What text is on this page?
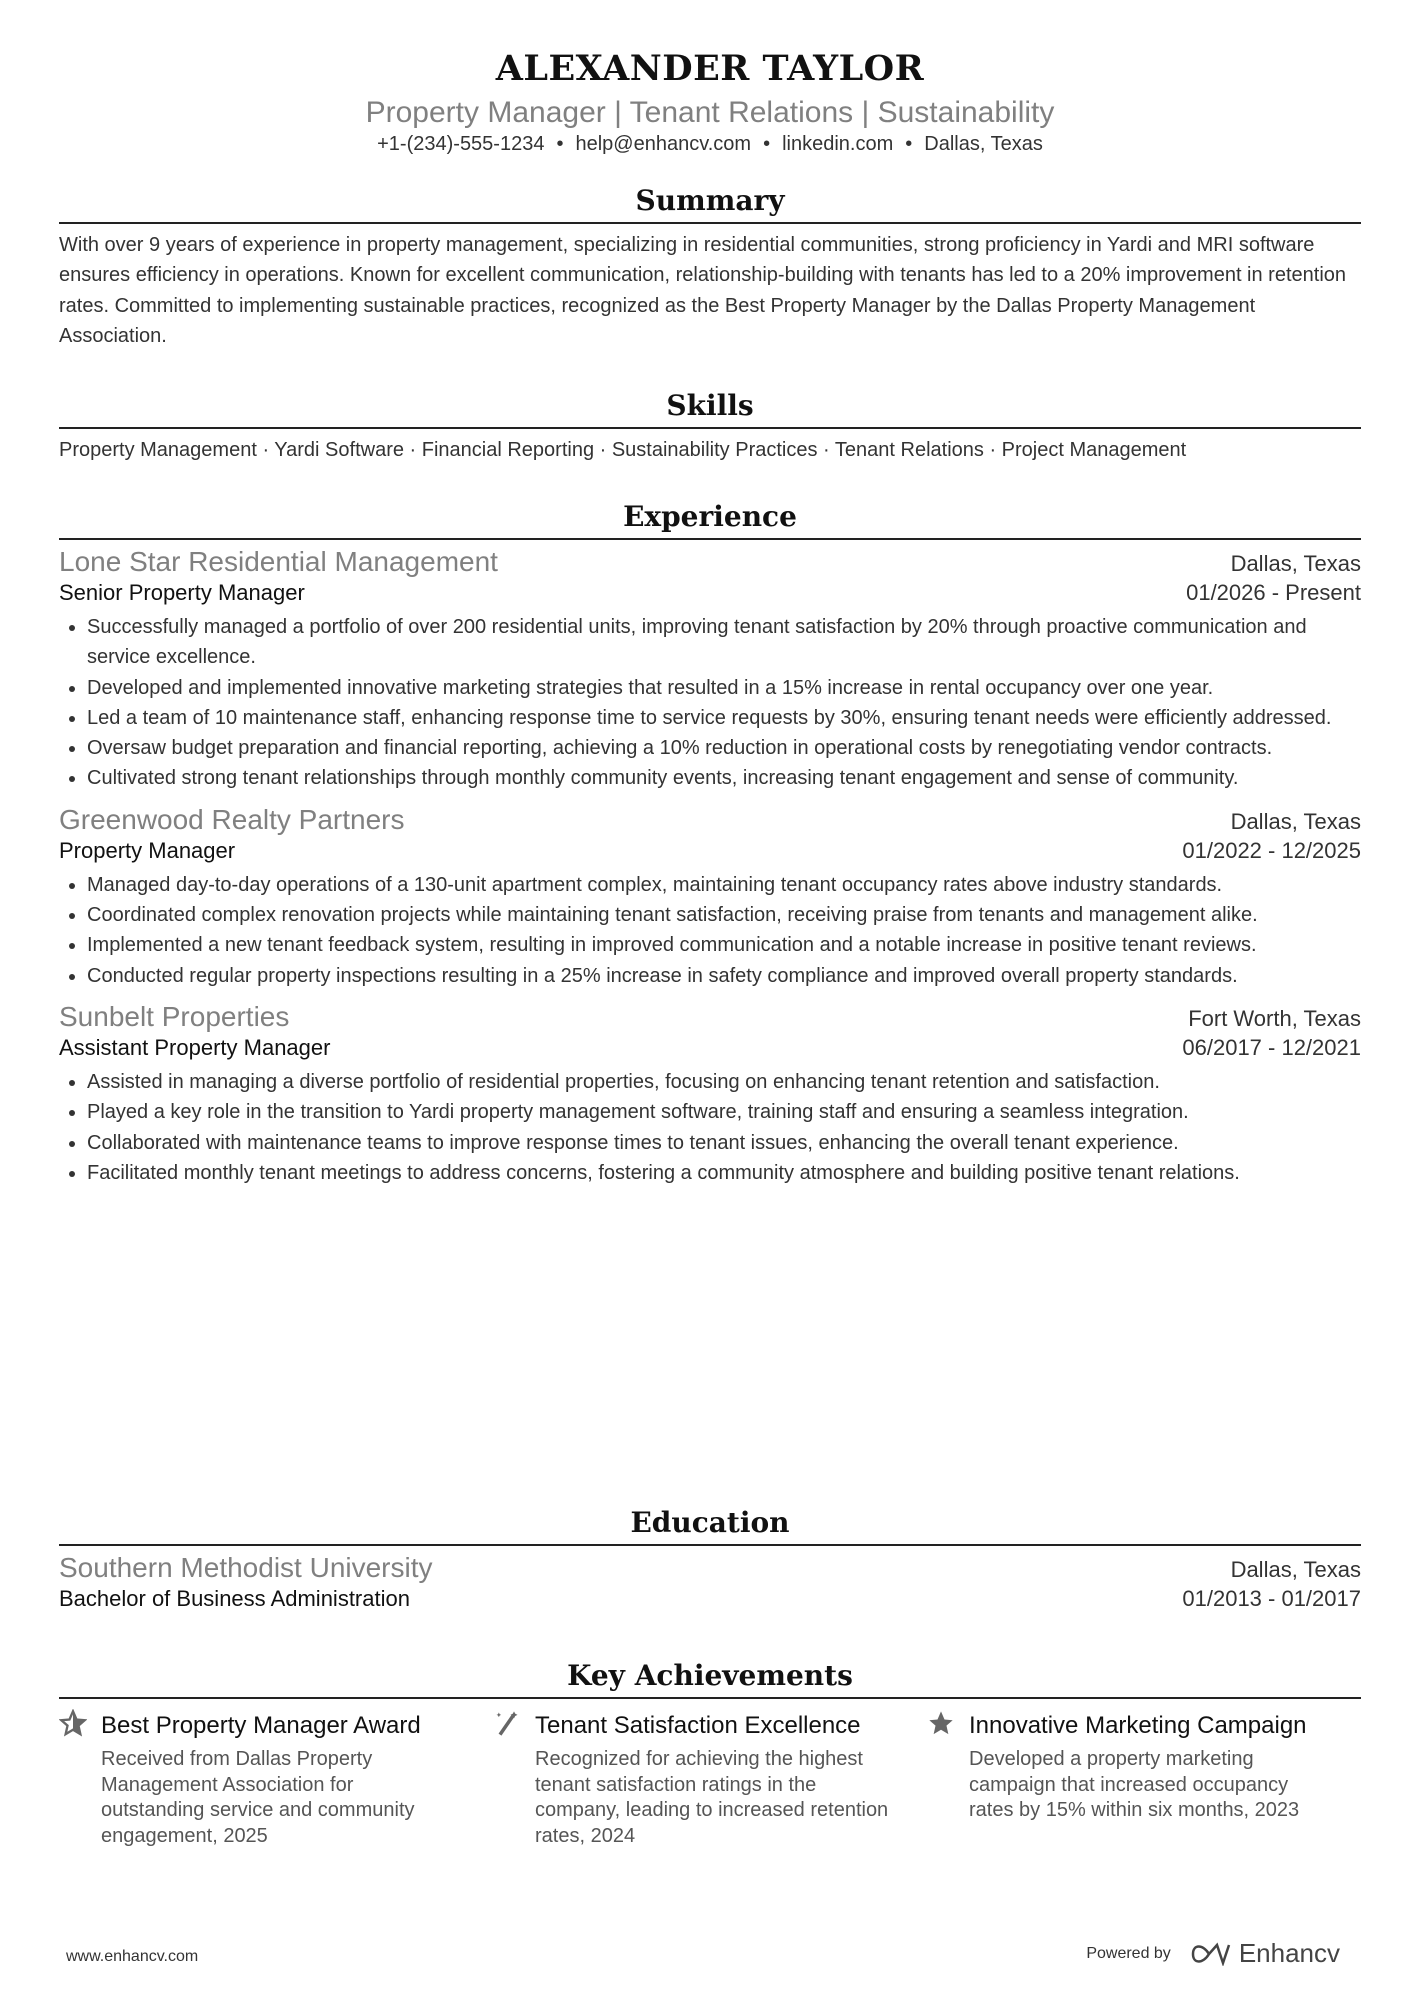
ALEXANDER TAYLOR
Property Manager | Tenant Relations | Sustainability
+1-(234)-555-1234 • help@enhancv.com • linkedin.com • Dallas, Texas
Summary
With over 9 years of experience in property management, specializing in residential communities, strong proficiency in Yardi and MRI software ensures efficiency in operations. Known for excellent communication, relationship-building with tenants has led to a 20% improvement in retention rates. Committed to implementing sustainable practices, recognized as the Best Property Manager by the Dallas Property Management Association.
Skills
Property Management · Yardi Software · Financial Reporting · Sustainability Practices · Tenant Relations · Project Management
Experience
Lone Star Residential Management	Dallas, Texas
Senior Property Manager	01/2026 - Present
• Successfully managed a portfolio of over 200 residential units, improving tenant satisfaction by 20% through proactive communication and service excellence.
• Developed and implemented innovative marketing strategies that resulted in a 15% increase in rental occupancy over one year.
• Led a team of 10 maintenance staff, enhancing response time to service requests by 30%, ensuring tenant needs were efficiently addressed.
• Oversaw budget preparation and financial reporting, achieving a 10% reduction in operational costs by renegotiating vendor contracts.
• Cultivated strong tenant relationships through monthly community events, increasing tenant engagement and sense of community.
Greenwood Realty Partners	Dallas, Texas
Property Manager	01/2022 - 12/2025
• Managed day-to-day operations of a 130-unit apartment complex, maintaining tenant occupancy rates above industry standards.
• Coordinated complex renovation projects while maintaining tenant satisfaction, receiving praise from tenants and management alike.
• Implemented a new tenant feedback system, resulting in improved communication and a notable increase in positive tenant reviews.
• Conducted regular property inspections resulting in a 25% increase in safety compliance and improved overall property standards.
Sunbelt Properties	Fort Worth, Texas
Assistant Property Manager	06/2017 - 12/2021
• Assisted in managing a diverse portfolio of residential properties, focusing on enhancing tenant retention and satisfaction.
• Played a key role in the transition to Yardi property management software, training staff and ensuring a seamless integration.
• Collaborated with maintenance teams to improve response times to tenant issues, enhancing the overall tenant experience.
• Facilitated monthly tenant meetings to address concerns, fostering a community atmosphere and building positive tenant relations.
Education
Southern Methodist University	Dallas, Texas
Bachelor of Business Administration	01/2013 - 01/2017
Key Achievements
Best Property Manager Award
Received from Dallas Property Management Association for outstanding service and community engagement, 2025
Tenant Satisfaction Excellence
Recognized for achieving the highest tenant satisfaction ratings in the company, leading to increased retention rates, 2024
Innovative Marketing Campaign
Developed a property marketing campaign that increased occupancy rates by 15% within six months, 2023
www.enhancv.com	Powered by	Enhancv
